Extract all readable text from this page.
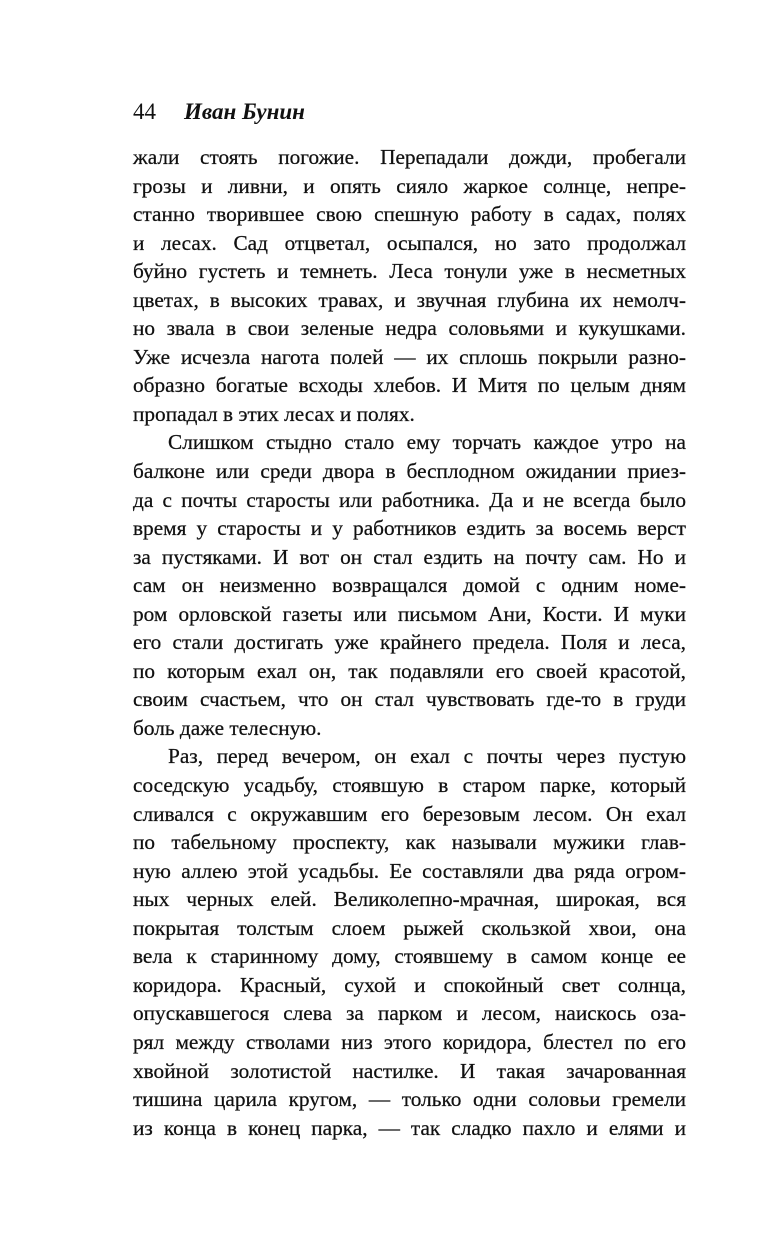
44 Иван Бунин
жали стоять погожие. Перепадали дожди, пробегали
грозы и ливни, и опять сияло жаркое солнце, непре-
станно творившее свою спешную работу в садах, полях
и лесах. Сад отцветал, осыпался, но зато продолжал
буйно густеть и темнеть. Леса тонули уже в несметных
цветах, в высоких травах, и звучная глубина их немолч-
но звала в свои зеленые недра соловьями и кукушками.
Уже исчезла нагота полей — их сплошь покрыли разно-
образно богатые всходы хлебов. И Митя по целым дням
пропадал в этих лесах и полях.
Слишком стыдно стало ему торчать каждое утро на
балконе или среди двора в бесплодном ожидании приез-
да с почты старосты или работника. Да и не всегда было
время у старосты и у работников ездить за восемь верст
за пустяками. И вот он стал ездить на почту сам. Но и
сам он неизменно возвращался домой с одним номе-
ром орловской газеты или письмом Ани, Кости. И муки
его стали достигать уже крайнего предела. Поля и леса,
по которым ехал он, так подавляли его своей красотой,
своим счастьем, что он стал чувствовать где-то в груди
боль даже телесную.
Раз, перед вечером, он ехал с почты через пустую
соседскую усадьбу, стоявшую в старом парке, который
сливался с окружавшим его березовым лесом. Он ехал
по табельному проспекту, как называли мужики глав-
ную аллею этой усадьбы. Ее составляли два ряда огром-
ных черных елей. Великолепно-мрачная, широкая, вся
покрытая толстым слоем рыжей скользкой хвои, она
вела к старинному дому, стоявшему в самом конце ее
коридора. Красный, сухой и спокойный свет солнца,
опускавшегося слева за парком и лесом, наискось оза-
рял между стволами низ этого коридора, блестел по его
хвойной золотистой настилке. И такая зачарованная
тишина царила кругом, — только одни соловьи гремели
из конца в конец парка, — так сладко пахло и елями и
